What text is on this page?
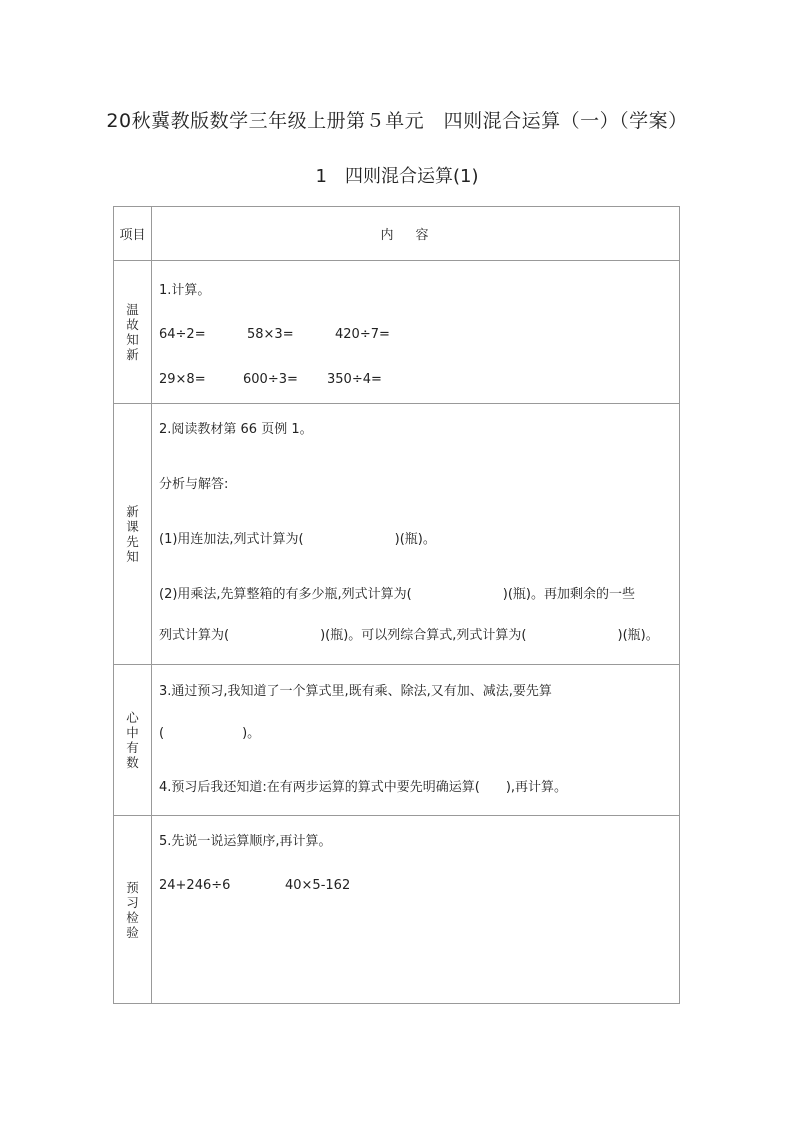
20秋冀教版数学三年级上册第５单元　四则混合运算（一）（学案）
1　四则混合运算(1)
项目	内容
温故知新	1.计算。
64÷2= 58×3= 420÷7=
29×8= 600÷3= 350÷4=

新课先知	2.阅读教材第 66 页例 1。
分析与解答:
(1)用连加法,列式计算为(　　　　　　　)(瓶)。
(2)用乘法,先算整箱的有多少瓶,列式计算为(　　　　　　　)(瓶)。再加剩余的一些
列式计算为(　　　　　　　)(瓶)。可以列综合算式,列式计算为(　　　　　　　)(瓶)。

心中有数	3.通过预习,我知道了一个算式里,既有乘、除法,又有加、减法,要先算
(　　　　　　)。
4.预习后我还知道:在有两步运算的算式中要先明确运算(　　),再计算。

预习检验	5.先说一说运算顺序,再计算。
24+246÷6 40×5-162
